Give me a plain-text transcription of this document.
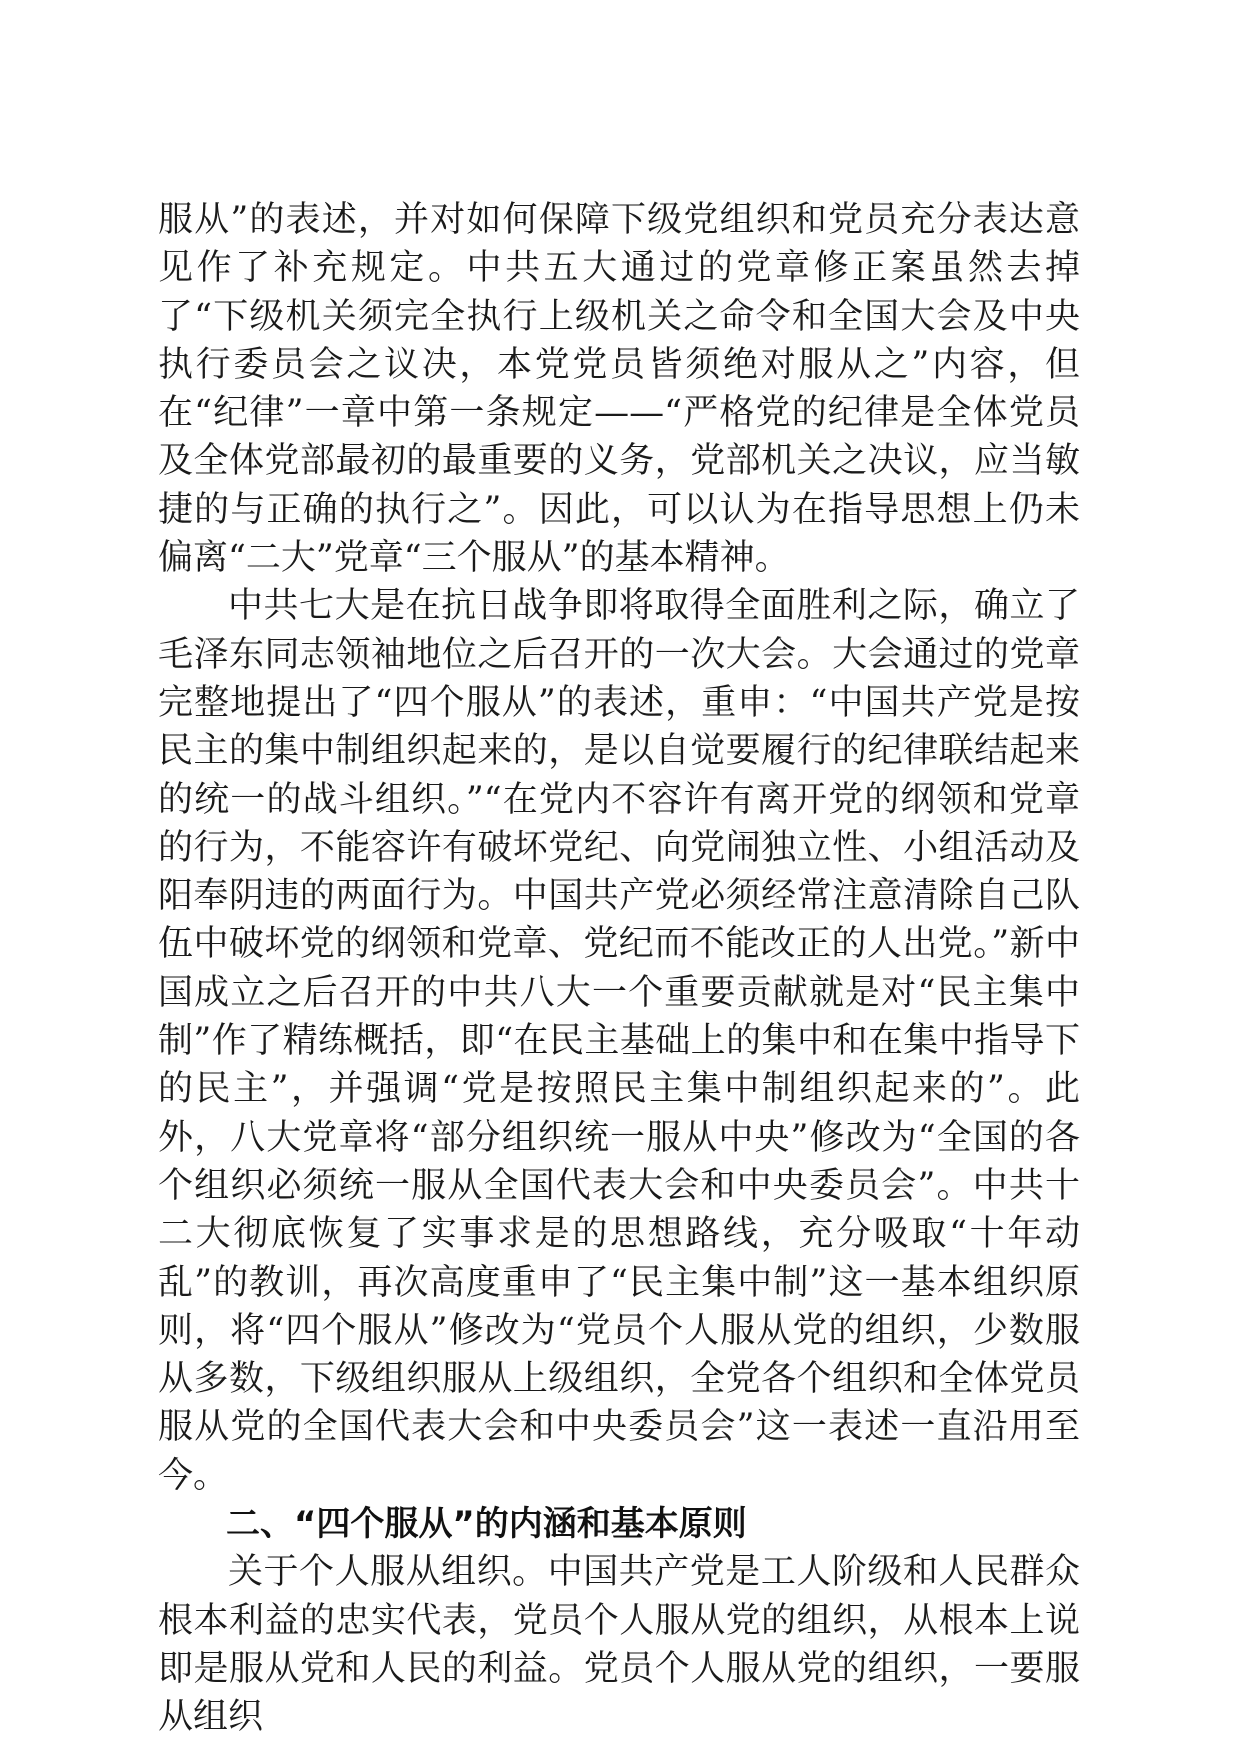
服从”的表述，并对如何保障下级党组织和党员充分表达意见作了补充规定。中共五大通过的党章修正案虽然去掉了“下级机关须完全执行上级机关之命令和全国大会及中央执行委员会之议决，本党党员皆须绝对服从之”内容，但在“纪律”一章中第一条规定——“严格党的纪律是全体党员及全体党部最初的最重要的义务，党部机关之决议，应当敏捷的与正确的执行之”。因此，可以认为在指导思想上仍未偏离“二大”党章“三个服从”的基本精神。

中共七大是在抗日战争即将取得全面胜利之际，确立了毛泽东同志领袖地位之后召开的一次大会。大会通过的党章完整地提出了“四个服从”的表述，重申：“中国共产党是按民主的集中制组织起来的，是以自觉要履行的纪律联结起来的统一的战斗组织。”“在党内不容许有离开党的纲领和党章的行为，不能容许有破坏党纪、向党闹独立性、小组活动及阳奉阴违的两面行为。中国共产党必须经常注意清除自己队伍中破坏党的纲领和党章、党纪而不能改正的人出党。”新中国成立之后召开的中共八大一个重要贡献就是对“民主集中制”作了精练概括，即“在民主基础上的集中和在集中指导下的民主”，并强调“党是按照民主集中制组织起来的”。此外，八大党章将“部分组织统一服从中央”修改为“全国的各个组织必须统一服从全国代表大会和中央委员会”。中共十二大彻底恢复了实事求是的思想路线，充分吸取“十年动乱”的教训，再次高度重申了“民主集中制”这一基本组织原则，将“四个服从”修改为“党员个人服从党的组织，少数服从多数，下级组织服从上级组织，全党各个组织和全体党员服从党的全国代表大会和中央委员会”这一表述一直沿用至今。

二、“四个服从”的内涵和基本原则

关于个人服从组织。中国共产党是工人阶级和人民群众根本利益的忠实代表，党员个人服从党的组织，从根本上说即是服从党和人民的利益。党员个人服从党的组织，一要服从组织
